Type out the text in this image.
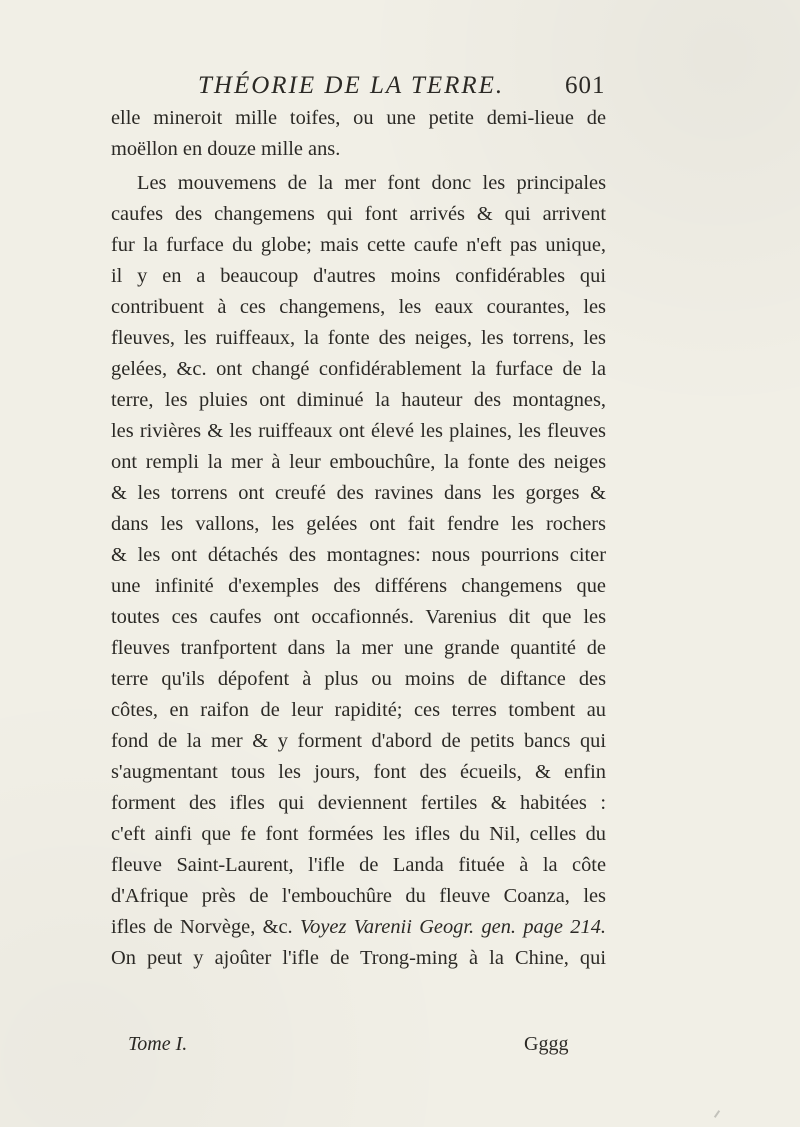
THÉORIE DE LA TERRE.	601
elle mineroit mille toifes, ou une petite demi-lieue de
moëllon en douze mille ans.
Les mouvemens de la mer font donc les principales
caufes des changemens qui font arrivés & qui arrivent
fur la furface du globe; mais cette caufe n'eft pas unique,
il y en a beaucoup d'autres moins confidérables qui
contribuent à ces changemens, les eaux courantes, les
fleuves, les ruiffeaux, la fonte des neiges, les torrens, les
gelées, &c. ont changé confidérablement la furface de la
terre, les pluies ont diminué la hauteur des montagnes,
les rivières & les ruiffeaux ont élevé les plaines, les fleuves
ont rempli la mer à leur embouchûre, la fonte des neiges
& les torrens ont creufé des ravines dans les gorges &
dans les vallons, les gelées ont fait fendre les rochers
& les ont détachés des montagnes: nous pourrions citer
une infinité d'exemples des différens changemens que
toutes ces caufes ont occafionnés. Varenius dit que les
fleuves tranfportent dans la mer une grande quantité de
terre qu'ils dépofent à plus ou moins de diftance des
côtes, en raifon de leur rapidité; ces terres tombent au
fond de la mer & y forment d'abord de petits bancs qui
s'augmentant tous les jours, font des écueils, & enfin
forment des ifles qui deviennent fertiles & habitées :
c'eft ainfi que fe font formées les ifles du Nil, celles du
fleuve Saint-Laurent, l'ifle de Landa fituée à la côte
d'Afrique près de l'embouchûre du fleuve Coanza, les
ifles de Norvège, &c. Voyez Varenii Geogr. gen. page 214.
On peut y ajoûter l'ifle de Trong-ming à la Chine, qui
Tome I.	Gggg
